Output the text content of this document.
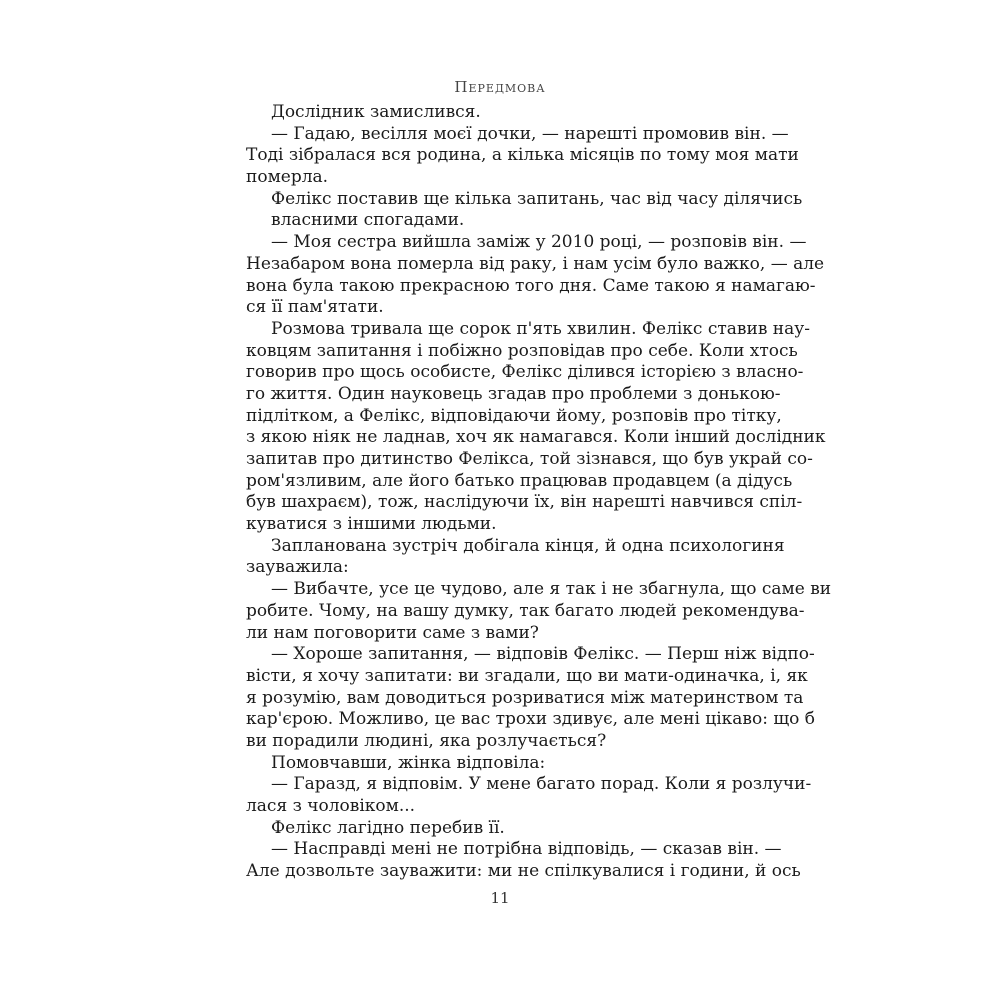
Передмова
Дослідник замислився.
— Гадаю, весілля моєї дочки, — нарешті промовив він. —
Тоді зібралася вся родина, а кілька місяців по тому моя мати
померла.
Фелікс поставив ще кілька запитань, час від часу ділячись
власними спогадами.
— Моя сестра вийшла заміж у 2010 році, — розповів він. —
Незабаром вона померла від раку, і нам усім було важко, — але
вона була такою прекрасною того дня. Саме такою я намагаю-
ся її пам'ятати.
Розмова тривала ще сорок п'ять хвилин. Фелікс ставив нау-
ковцям запитання і побіжно розповідав про себе. Коли хтось
говорив про щось особисте, Фелікс ділився історією з власно-
го життя. Один науковець згадав про проблеми з донькою-
підлітком, а Фелікс, відповідаючи йому, розповів про тітку,
з якою ніяк не ладнав, хоч як намагався. Коли інший дослідник
запитав про дитинство Фелікса, той зізнався, що був украй со-
ром'язливим, але його батько працював продавцем (а дідусь
був шахраєм), тож, наслідуючи їх, він нарешті навчився спіл-
куватися з іншими людьми.
Запланована зустріч добігала кінця, й одна психологиня
зауважила:
— Вибачте, усе це чудово, але я так і не збагнула, що саме ви
робите. Чому, на вашу думку, так багато людей рекомендува-
ли нам поговорити саме з вами?
— Хороше запитання, — відповів Фелікс. — Перш ніж відпо-
вісти, я хочу запитати: ви згадали, що ви мати-одиначка, і, як
я розумію, вам доводиться розриватися між материнством та
кар'єрою. Можливо, це вас трохи здивує, але мені цікаво: що б
ви порадили людині, яка розлучається?
Помовчавши, жінка відповіла:
— Гаразд, я відповім. У мене багато порад. Коли я розлучи-
лася з чоловіком...
Фелікс лагідно перебив її.
— Насправді мені не потрібна відповідь, — сказав він. —
Але дозвольте зауважити: ми не спілкувалися і години, й ось
11
